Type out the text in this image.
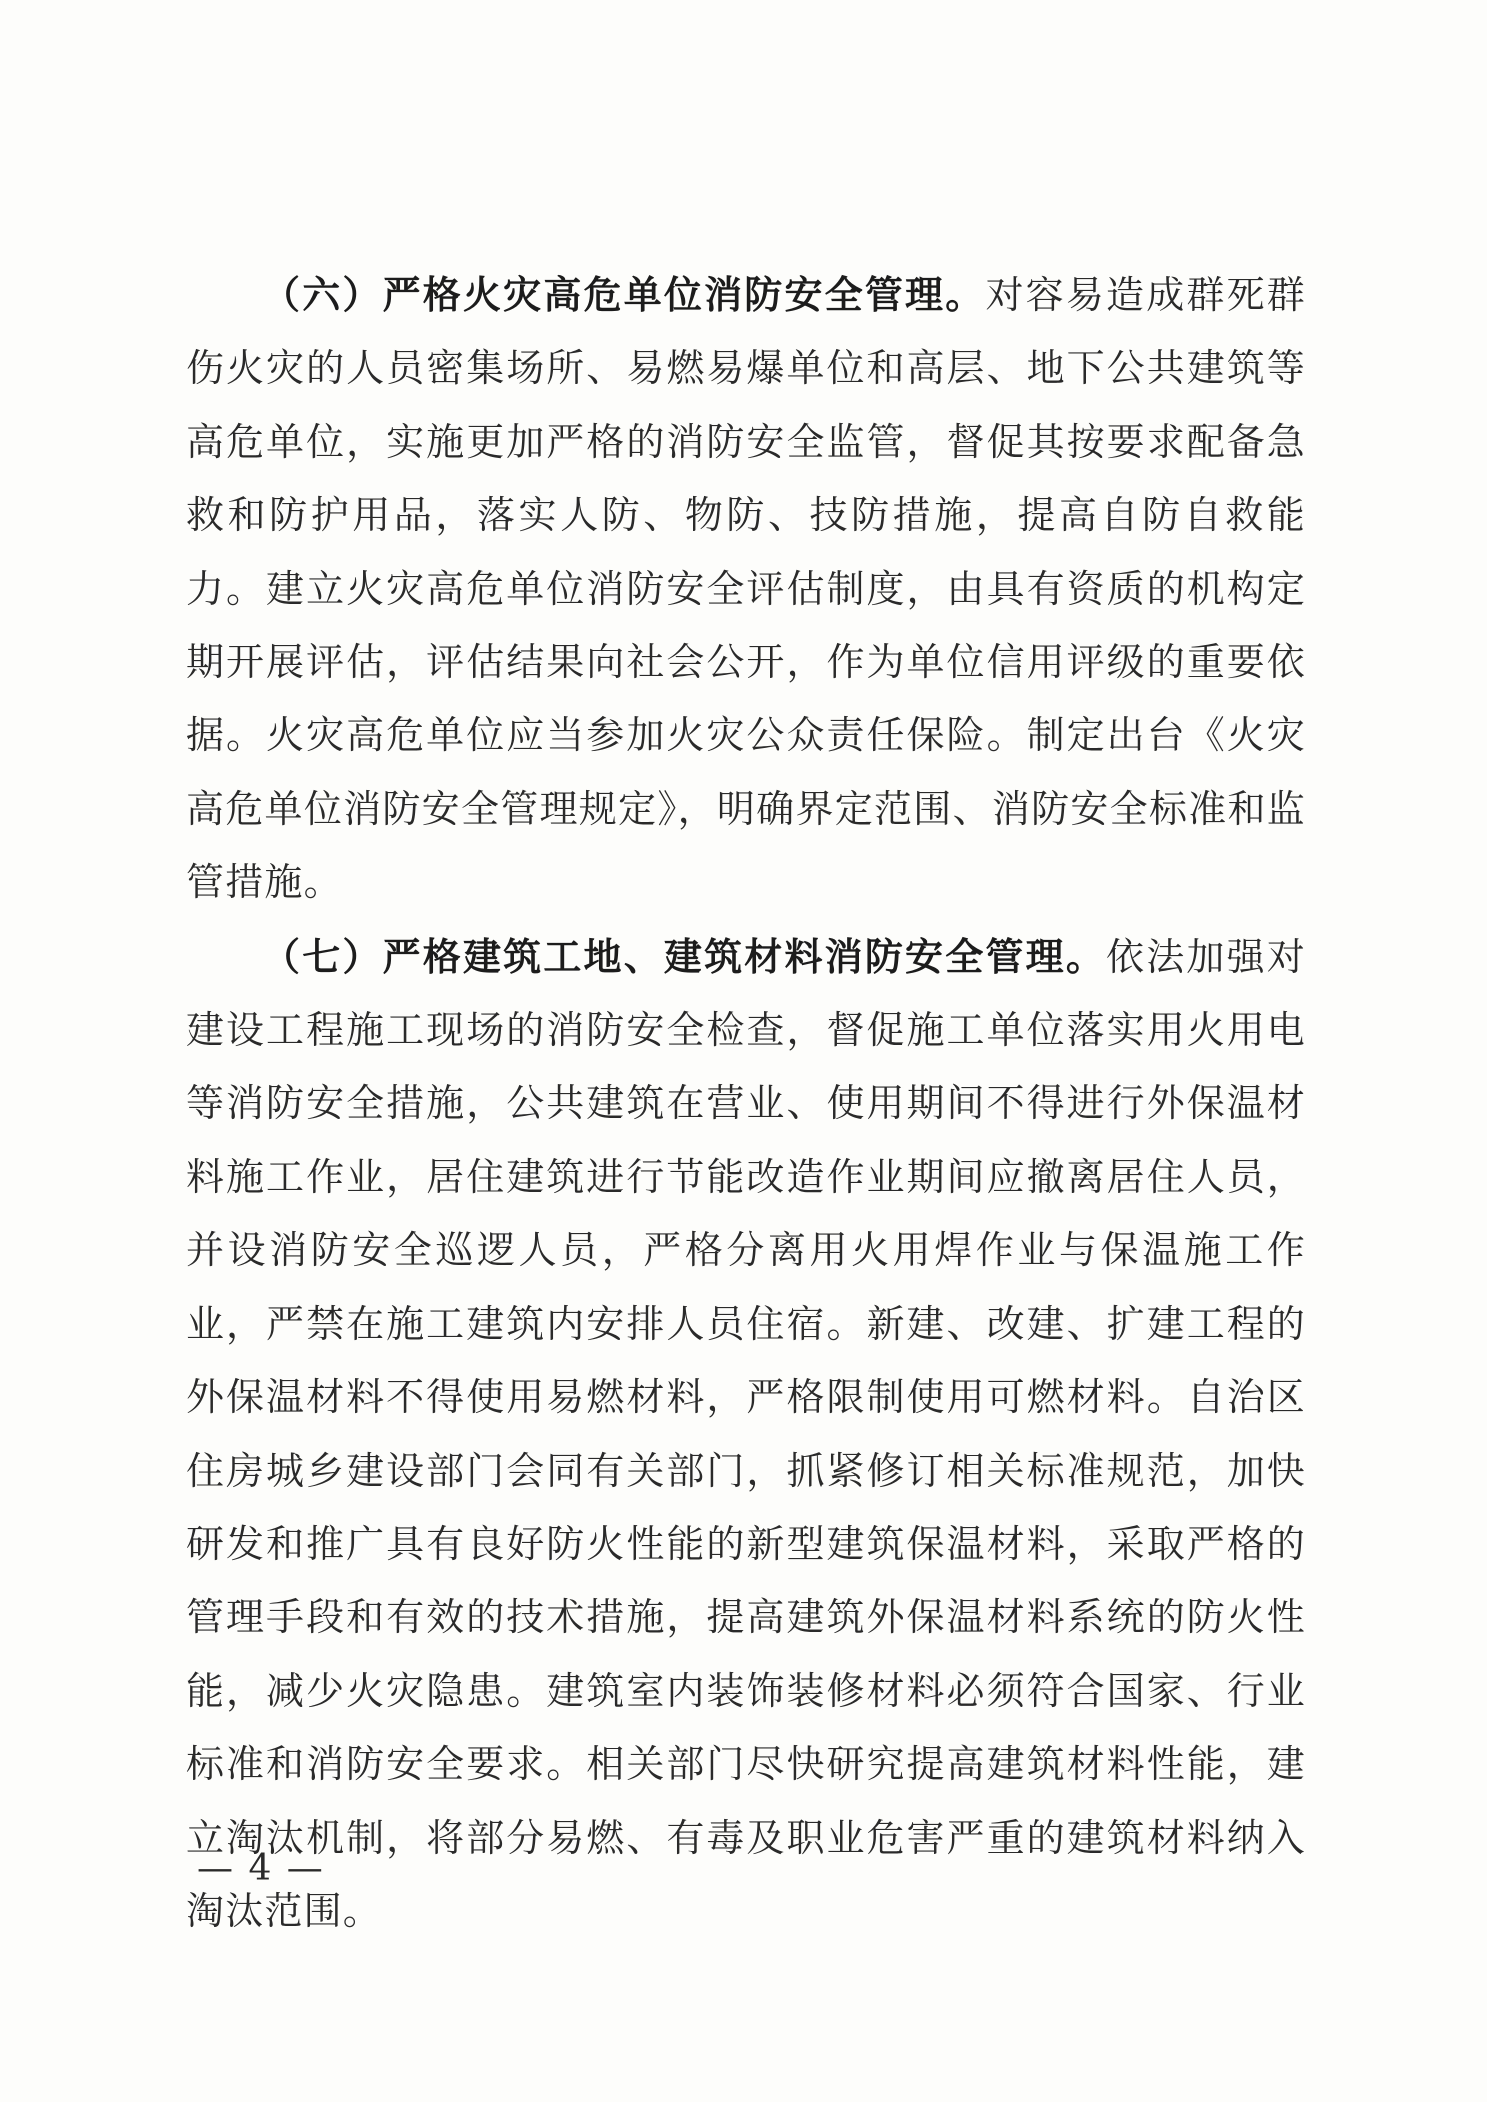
（六）严格火灾高危单位消防安全管理。对容易造成群死群伤火灾的人员密集场所、易燃易爆单位和高层、地下公共建筑等高危单位，实施更加严格的消防安全监管，督促其按要求配备急救和防护用品，落实人防、物防、技防措施，提高自防自救能力。建立火灾高危单位消防安全评估制度，由具有资质的机构定期开展评估，评估结果向社会公开，作为单位信用评级的重要依据。火灾高危单位应当参加火灾公众责任保险。制定出台《火灾高危单位消防安全管理规定》，明确界定范围、消防安全标准和监管措施。

（七）严格建筑工地、建筑材料消防安全管理。依法加强对建设工程施工现场的消防安全检查，督促施工单位落实用火用电等消防安全措施，公共建筑在营业、使用期间不得进行外保温材料施工作业，居住建筑进行节能改造作业期间应撤离居住人员，并设消防安全巡逻人员，严格分离用火用焊作业与保温施工作业，严禁在施工建筑内安排人员住宿。新建、改建、扩建工程的外保温材料不得使用易燃材料，严格限制使用可燃材料。自治区住房城乡建设部门会同有关部门，抓紧修订相关标准规范，加快研发和推广具有良好防火性能的新型建筑保温材料，采取严格的管理手段和有效的技术措施，提高建筑外保温材料系统的防火性能，减少火灾隐患。建筑室内装饰装修材料必须符合国家、行业标准和消防安全要求。相关部门尽快研究提高建筑材料性能，建立淘汰机制，将部分易燃、有毒及职业危害严重的建筑材料纳入淘汰范围。

— 4 —
